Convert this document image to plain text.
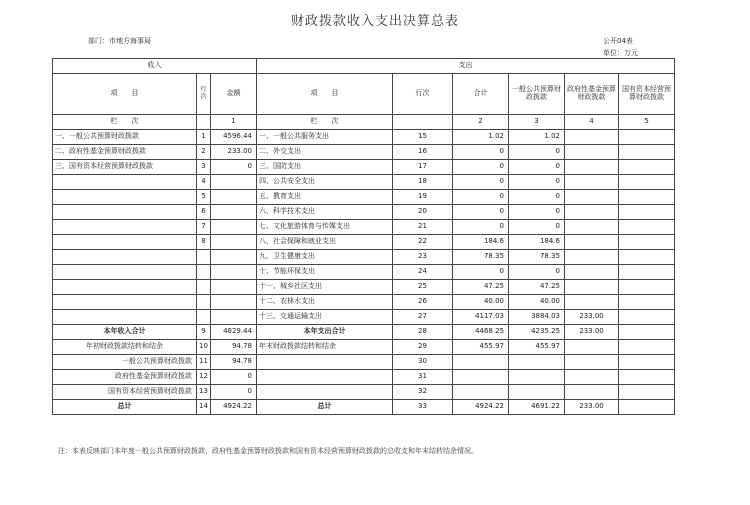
财政拨款收入支出决算总表
部门：市地方海事局	公开04表
单位：万元
收入			支出					
项　　目	行次	金额	项　　目	行次	合计	一般公共预算财政拨款	政府性基金预算财政拨款	国有资本经营预算财政拨款
栏　　次		1	栏　　次		2	3	4	5
一、一般公共预算财政拨款	1	4596.44	一、一般公共服务支出	15	1.02	1.02		
二、政府性基金预算财政拨款	2	233.00	二、外交支出	16	0	0		
三、国有资本经营预算财政拨款	3	0	三、国防支出	17	0	0		
	4		四、公共安全支出	18	0	0		
	5		五、教育支出	19	0	0		
	6		六、科学技术支出	20	0	0		
	7		七、文化旅游体育与传媒支出	21	0	0		
	8		八、社会保障和就业支出	22	184.6	184.6		
			九、卫生健康支出	23	78.35	78.35		
			十、节能环保支出	24	0	0		
			十一、城乡社区支出	25	47.25	47.25		
			十二、农林水支出	26	40.00	40.00		
			十三、交通运输支出	27	4117.03	3884.03	233.00	
本年收入合计	9	4829.44	本年支出合计	28	4468.25	4235.25	233.00	
年初财政拨款结转和结余	10	94.78	年末财政拨款结转和结余	29	455.97	455.97		
一般公共预算财政拨款	11	94.78		30				
政府性基金预算财政拨款	12	0		31				
国有资本经营预算财政拨款	13	0		32				
总计	14	4924.22	总计	33	4924.22	4691.22	233.00	
注：本表反映部门本年度一般公共预算财政拨款、政府性基金预算财政拨款和国有资本经营预算财政拨款的总收支和年末结转结余情况。
